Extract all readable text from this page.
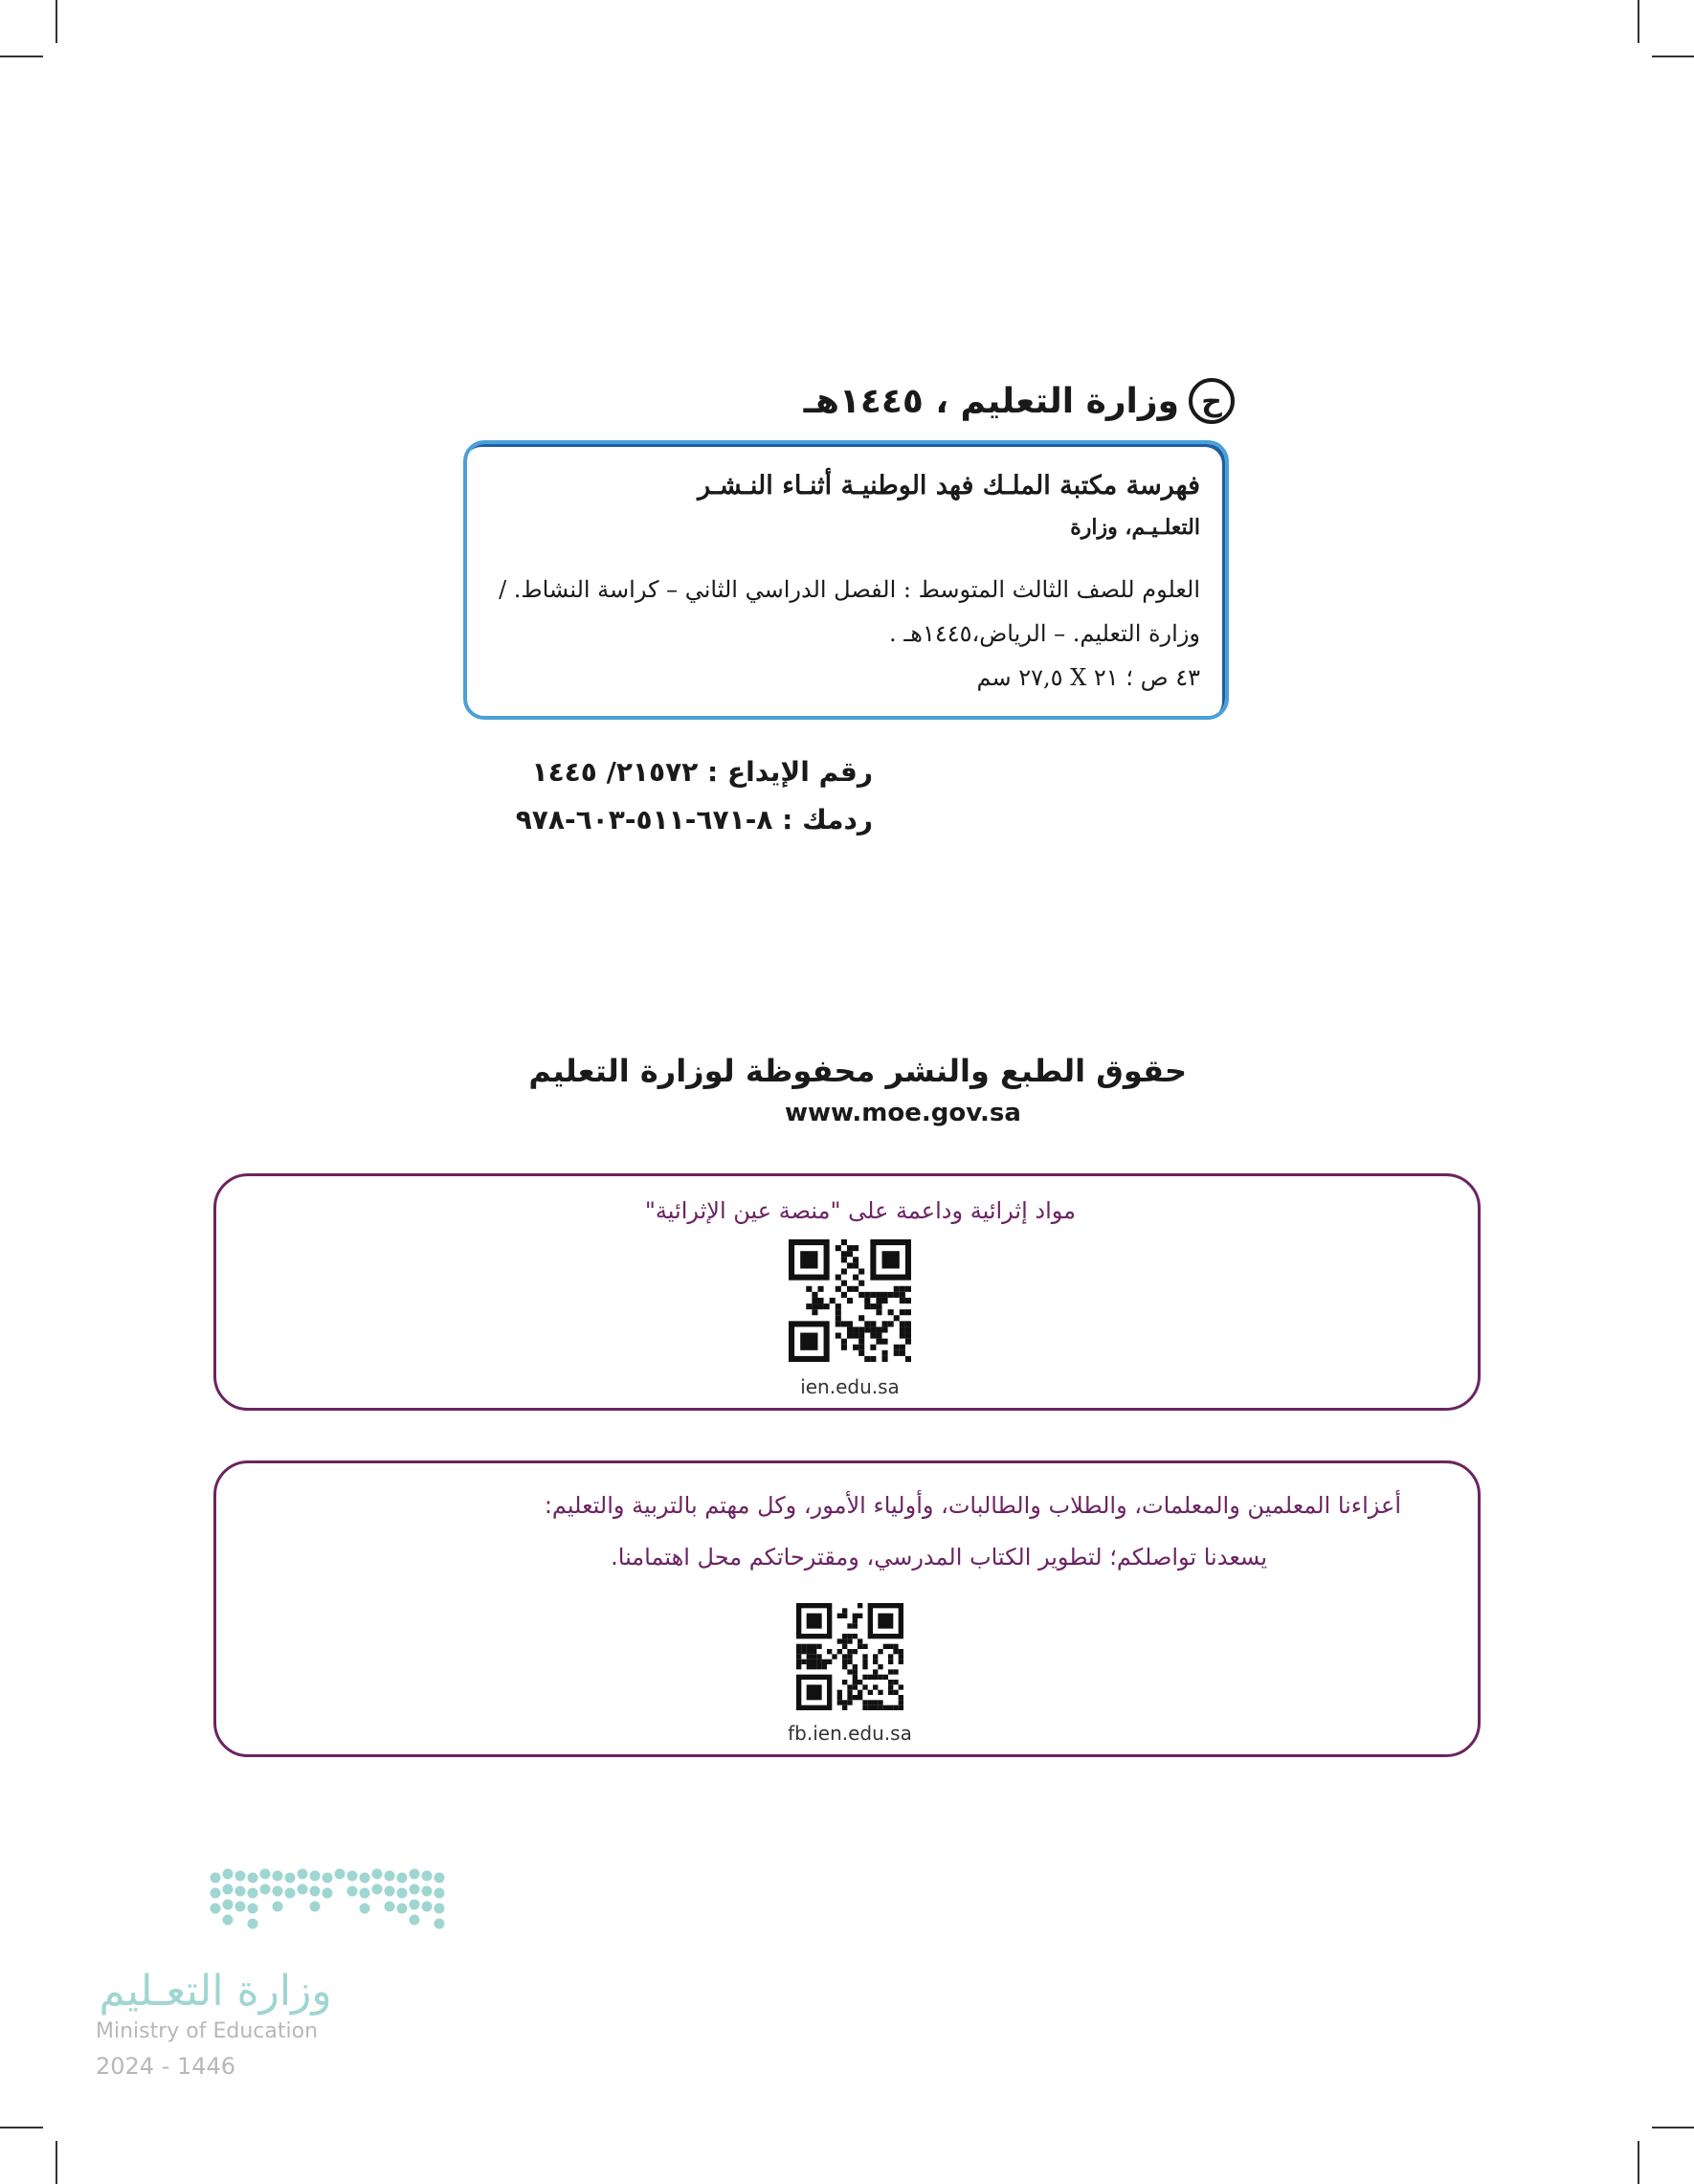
وزارة التعليم ، ١٤٤٥هـ ح
فهرسة مكتبة الملـك فهد الوطنيـة أثنـاء النـشـر
التعلـيـم، وزارة
العلوم للصف الثالث المتوسط : الفصل الدراسي الثاني – كراسة النشاط. /
وزارة التعليم. – الرياض،١٤٤٥هـ .
٤٣ ص ؛ ٢١ X ٢٧,٥ سم
رقم الإيداع : ٢١٥٧٢/ ١٤٤٥
ردمك : ٨-٦٧١-٥١١-٦٠٣-٩٧٨
حقوق الطبع والنشر محفوظة لوزارة التعليم
www.moe.gov.sa
مواد إثرائية وداعمة على "منصة عين الإثرائية"
ien.edu.sa
أعزاءنا المعلمين والمعلمات، والطلاب والطالبات، وأولياء الأمور، وكل مهتم بالتربية والتعليم:
يسعدنا تواصلكم؛ لتطوير الكتاب المدرسي، ومقترحاتكم محل اهتمامنا.
fb.ien.edu.sa
وزارة التعـليم
Ministry of Education
2024 - 1446
